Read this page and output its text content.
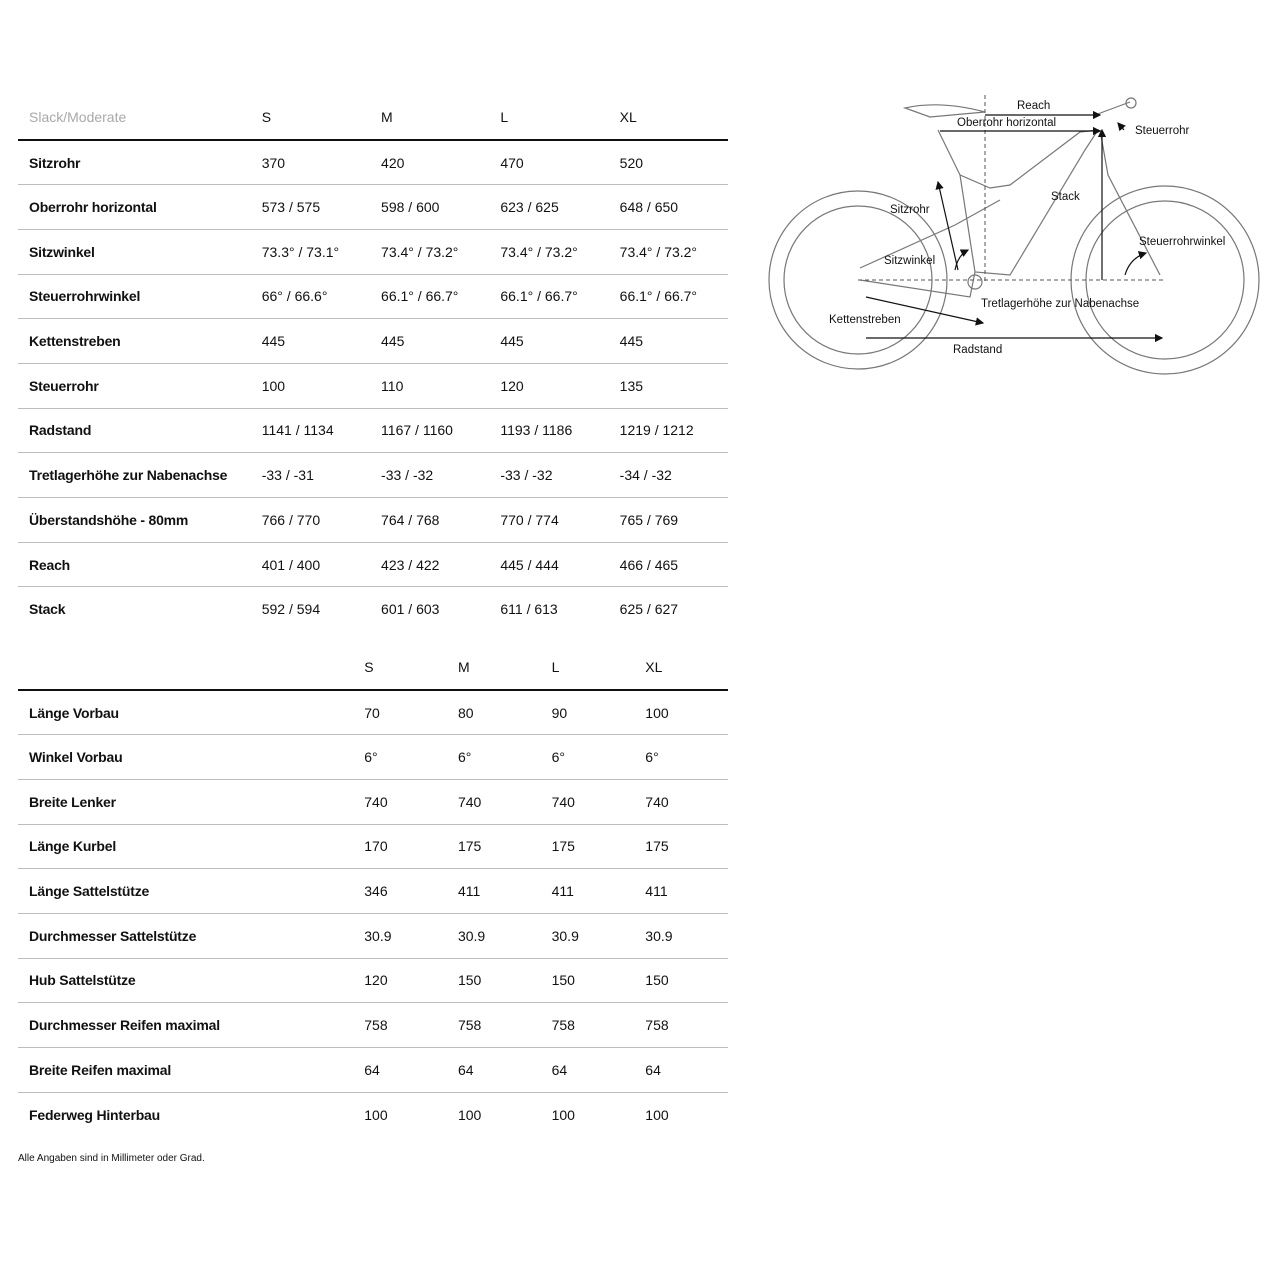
Slack/Moderate	S	M	L	XL
Sitzrohr	370	420	470	520
Oberrohr horizontal	573 / 575	598 / 600	623 / 625	648 / 650
Sitzwinkel	73.3° / 73.1°	73.4° / 73.2°	73.4° / 73.2°	73.4° / 73.2°
Steuerrohrwinkel	66° / 66.6°	66.1° / 66.7°	66.1° / 66.7°	66.1° / 66.7°
Kettenstreben	445	445	445	445
Steuerrohr	100	110	120	135
Radstand	1141 / 1134	1167 / 1160	1193 / 1186	1219 / 1212
Tretlagerhöhe zur Nabenachse	-33 / -31	-33 / -32	-33 / -32	-34 / -32
Überstandshöhe - 80mm	766 / 770	764 / 768	770 / 774	765 / 769
Reach	401 / 400	423 / 422	445 / 444	466 / 465
Stack	592 / 594	601 / 603	611 / 613	625 / 627
	S	M	L	XL
Länge Vorbau	70	80	90	100
Winkel Vorbau	6°	6°	6°	6°
Breite Lenker	740	740	740	740
Länge Kurbel	170	175	175	175
Länge Sattelstütze	346	411	411	411
Durchmesser Sattelstütze	30.9	30.9	30.9	30.9
Hub Sattelstütze	120	150	150	150
Durchmesser Reifen maximal	758	758	758	758
Breite Reifen maximal	64	64	64	64
Federweg Hinterbau	100	100	100	100
Alle Angaben sind in Millimeter oder Grad.
Reach
Oberrohr horizontal
Steuerrohr
Stack
Sitzrohr
Steuerrohrwinkel
Sitzwinkel
Tretlagerhöhe zur Nabenachse
Kettenstreben
Radstand
